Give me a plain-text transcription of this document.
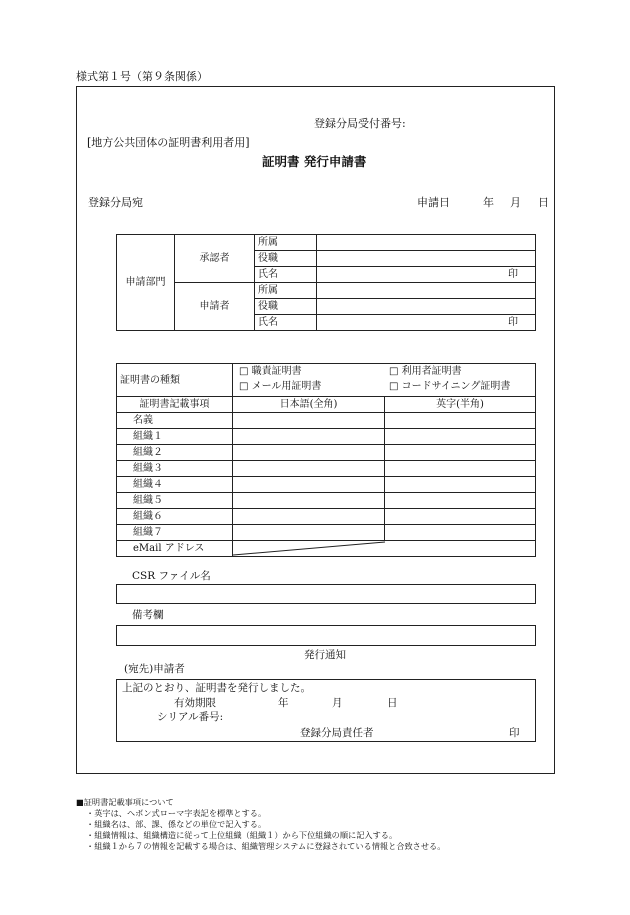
様式第１号（第９条関係）
登録分局受付番号:
[地方公共団体の証明書利用者用]
証明書 発行申請書
登録分局宛	申請日	年 月 日
申請部門	承認者	所属	
		役職	
		氏名	印

	申請者	所属	
		役職	
		氏名	印
証明書の種類	□ 職責証明書 □ 利用者証明書
□ メール用証明書 □ コードサイニング証明書	

証明書記載事項	日本語(全角)	英字(半角)
名義		
組織１		
組織２		
組織３		
組織４		
組織５		
組織６		
組織７		
eMail アドレス	
CSR ファイル名
備考欄
発行通知
(宛先)申請者
上記のとおり、証明書を発行しました。
有効期限	年	月	日
シリアル番号:
登録分局責任者	印
■証明書記載事項について
・英字は、ヘボン式ローマ字表記を標準とする。
・組織名は、部、課、係などの単位で記入する。
・組織情報は、組織構造に従って上位組織（組織１）から下位組織の順に記入する。
・組織１から７の情報を記載する場合は、組織管理システムに登録されている情報と合致させる。
